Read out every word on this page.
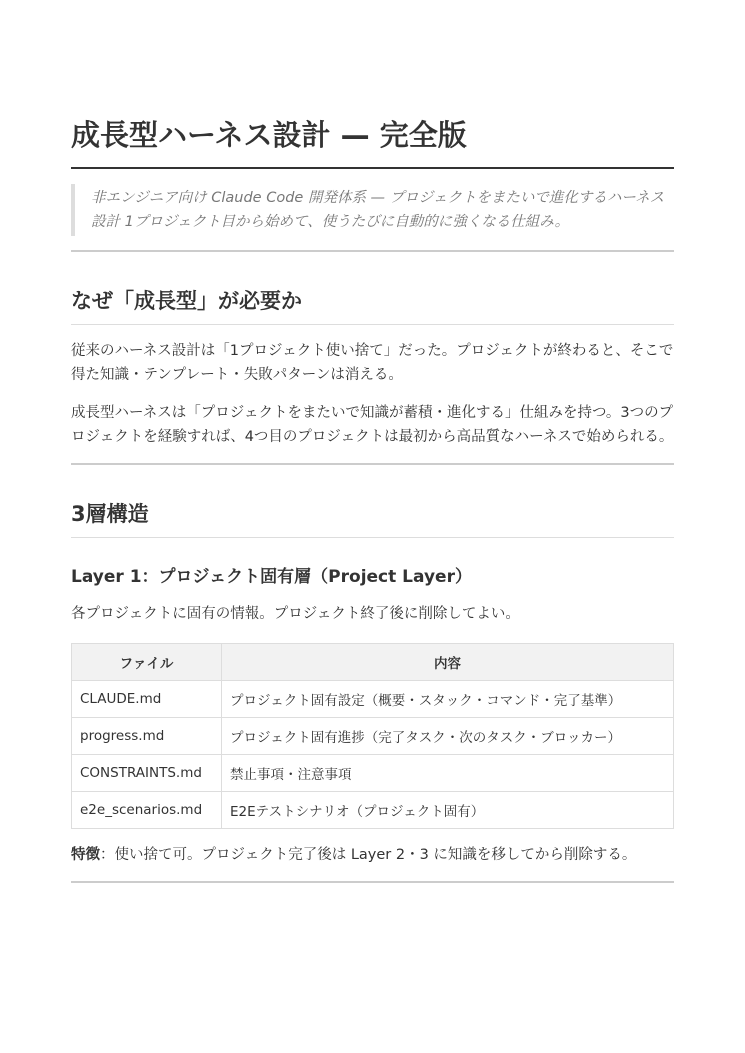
成長型ハーネス設計 — 完全版
非エンジニア向け Claude Code 開発体系 — プロジェクトをまたいで進化するハーネス設計 1プロジェクト目から始めて、使うたびに自動的に強くなる仕組み。
なぜ「成長型」が必要か

従来のハーネス設計は「1プロジェクト使い捨て」だった。プロジェクトが終わると、そこで得た知識・テンプレート・失敗パターンは消える。

成長型ハーネスは「プロジェクトをまたいで知識が蓄積・進化する」仕組みを持つ。3つのプロジェクトを経験すれば、4つ目のプロジェクトは最初から高品質なハーネスで始められる。

3層構造
Layer 1：プロジェクト固有層（Project Layer）

各プロジェクトに固有の情報。プロジェクト終了後に削除してよい。

ファイル	内容
CLAUDE.md	プロジェクト固有設定（概要・スタック・コマンド・完了基準）
progress.md	プロジェクト固有進捗（完了タスク・次のタスク・ブロッカー）
CONSTRAINTS.md	禁止事項・注意事項
e2e_scenarios.md	E2Eテストシナリオ（プロジェクト固有）

特徴：使い捨て可。プロジェクト完了後は Layer 2・3 に知識を移してから削除する。
